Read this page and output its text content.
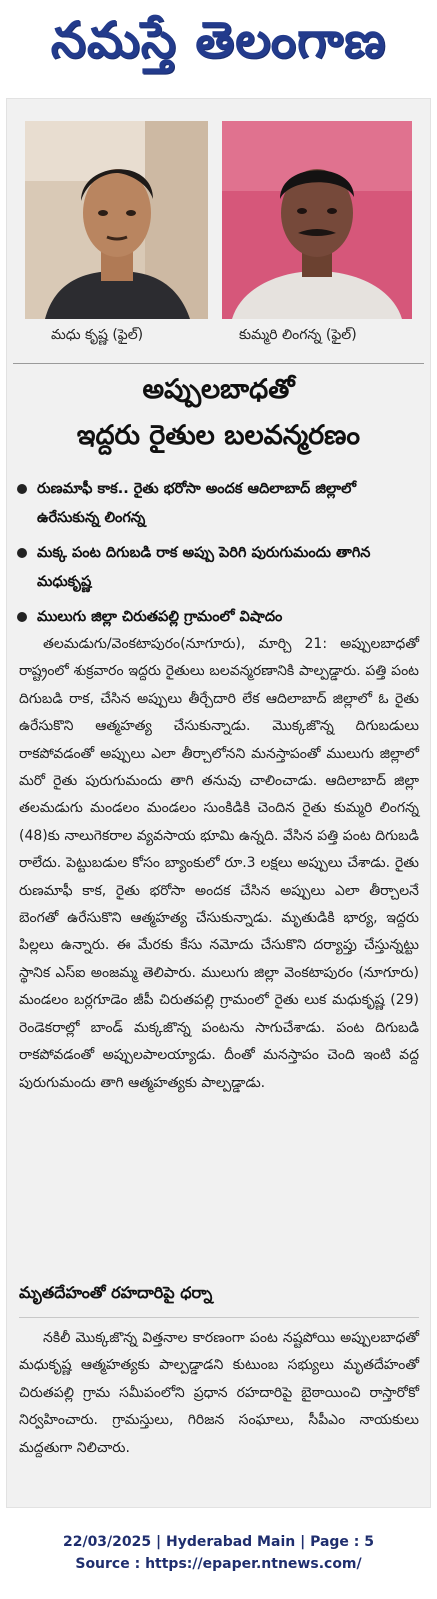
నమస్తే తెలంగాణ
మధు కృష్ణ (ఫైల్)	కుమ్మరి లింగన్న (ఫైల్)
అప్పులబాధతో
ఇద్దరు రైతుల బలవన్మరణం
రుణమాఫీ కాక.. రైతు భరోసా అందక ఆదిలాబాద్ జిల్లాలో ఉరేసుకున్న లింగన్న
మక్క పంట దిగుబడి రాక అప్పు పెరిగి పురుగుమందు తాగిన మధుకృష్ణ
ములుగు జిల్లా చిరుతపల్లి గ్రామంలో విషాదం

తలమడుగు/వెంకటాపురం(నూగూరు), మార్చి 21: అప్పులబాధతో రాష్ట్రంలో శుక్రవారం ఇద్దరు రైతులు బలవన్మరణానికి పాల్పడ్డారు. పత్తి పంట దిగుబడి రాక, చేసిన అప్పులు తీర్చేదారి లేక ఆదిలాబాద్ జిల్లాలో ఓ రైతు ఉరేసుకొని ఆత్మహత్య చేసుకున్నాడు. మొక్కజొన్న దిగుబడులు రాకపోవడంతో అప్పులు ఎలా తీర్చాలోనని మనస్తాపంతో ములుగు జిల్లాలో మరో రైతు పురుగుమందు తాగి తనువు చాలించాడు. ఆదిలాబాద్ జిల్లా తలమడుగు మండలం మండలం సుంకిడికి చెందిన రైతు కుమ్మరి లింగన్న (48)కు నాలుగెకరాల వ్యవసాయ భూమి ఉన్నది. వేసిన పత్తి పంట దిగుబడి రాలేదు. పెట్టుబడుల కోసం బ్యాంకులో రూ.3 లక్షలు అప్పులు చేశాడు. రైతు రుణమాఫీ కాక, రైతు భరోసా అందక చేసిన అప్పులు ఎలా తీర్చాలనే బెంగతో ఉరేసుకొని ఆత్మహత్య చేసుకున్నాడు. మృతుడికి భార్య, ఇద్దరు పిల్లలు ఉన్నారు. ఈ మేరకు కేసు నమోదు చేసుకొని దర్యాప్తు చేస్తున్నట్టు స్థానిక ఎస్ఐ అంజమ్మ తెలిపారు. ములుగు జిల్లా వెంకటాపురం (నూగూరు) మండలం బర్లగూడెం జీపీ చిరుతపల్లి గ్రామంలో రైతు లుక మధుకృష్ణ (29) రెండెకరాల్లో బాండ్ మక్కజొన్న పంటను సాగుచేశాడు. పంట దిగుబడి రాకపోవడంతో అప్పులపాలయ్యాడు. దీంతో మనస్తాపం చెంది ఇంటి వద్ద పురుగుమందు తాగి ఆత్మహత్యకు పాల్పడ్డాడు.

మృతదేహంతో రహదారిపై ధర్నా

నకిలీ మొక్కజొన్న విత్తనాల కారణంగా పంట నష్టపోయి అప్పులబాధతో మధుకృష్ణ ఆత్మహత్యకు పాల్పడ్డాడని కుటుంబ సభ్యులు మృతదేహంతో చిరుతపల్లి గ్రామ సమీపంలోని ప్రధాన రహదారిపై బైఠాయించి రాస్తారోకో నిర్వహించారు. గ్రామస్తులు, గిరిజన సంఘాలు, సీపీఎం నాయకులు మద్దతుగా నిలిచారు.

22/03/2025 | Hyderabad Main | Page : 5
Source : https://epaper.ntnews.com/
